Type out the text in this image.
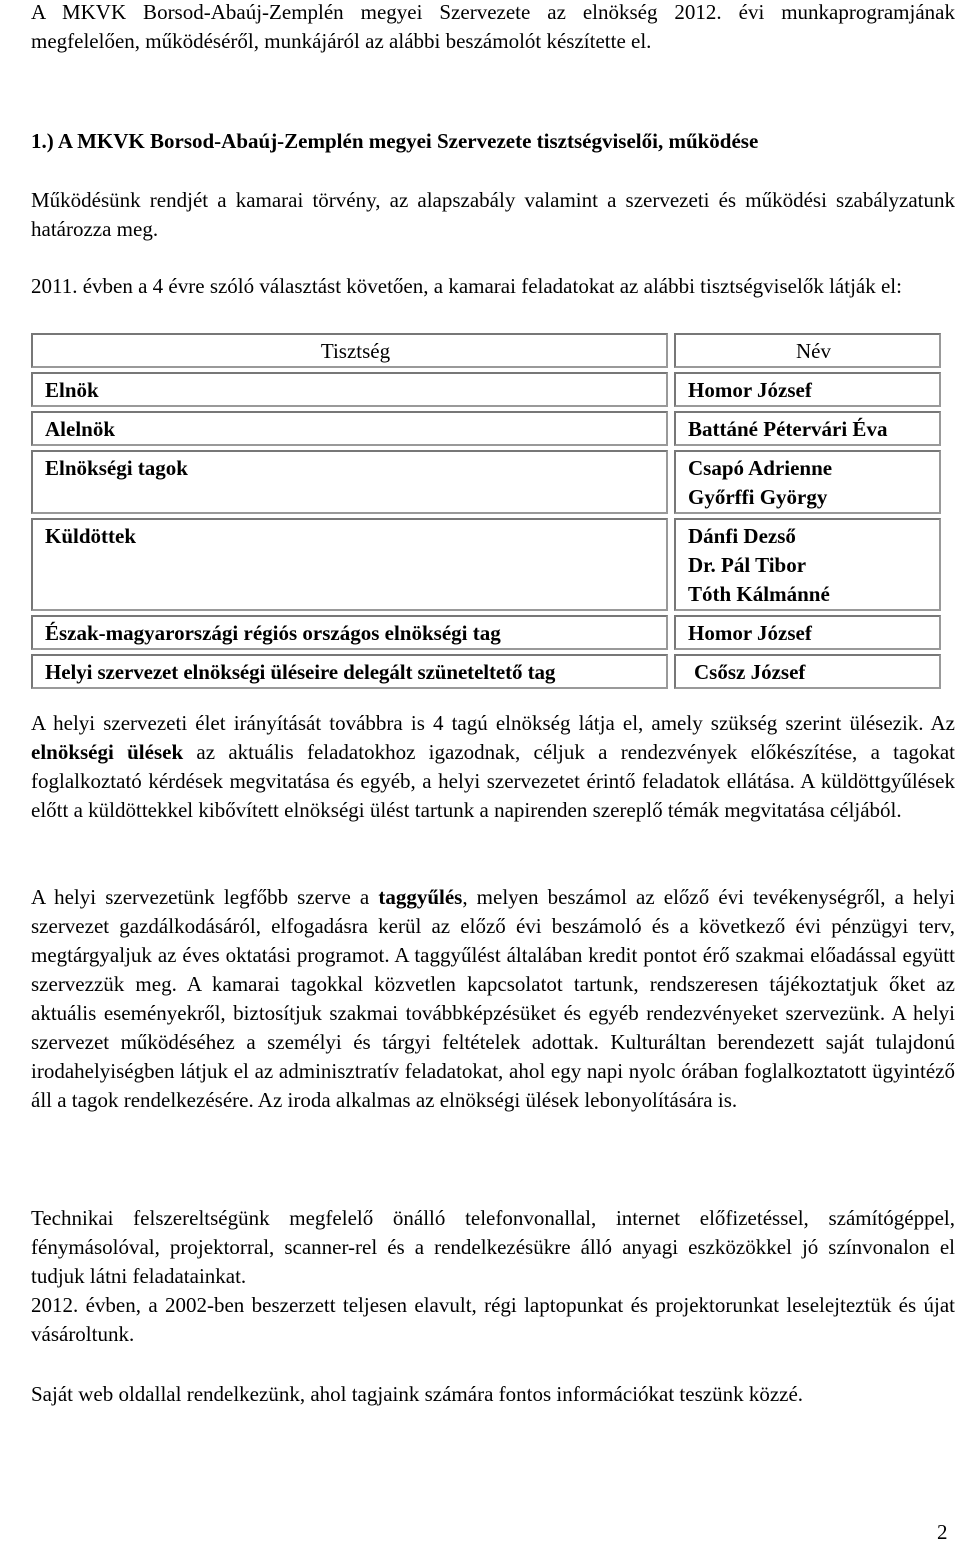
A MKVK Borsod-Abaúj-Zemplén megyei Szervezete az elnökség 2012. évi munkaprogramjának megfelelően, működéséről, munkájáról az alábbi beszámolót készítette el.

1.) A MKVK Borsod-Abaúj-Zemplén megyei Szervezete tisztségviselői, működése

Működésünk rendjét a kamarai törvény, az alapszabály valamint a szervezeti és működési szabályzatunk határozza meg.

2011. évben a 4 évre szóló választást követően, a kamarai feladatokat az alábbi tisztségviselők látják el:

Tisztség		Név

Elnök		Homor József

Alelnök		Battáné Pétervári Éva

Elnökségi tagok		Csapó Adrienne
Győrffi György

Küldöttek		Dánfi Dezső
Dr. Pál Tibor
Tóth Kálmánné

Észak-magyarországi régiós országos elnökségi tag		Homor József

Helyi szervezet elnökségi üléseire delegált szüneteltető tag		Csősz József

A helyi szervezeti élet irányítását továbbra is 4 tagú elnökség látja el, amely szükség szerint ülésezik. Az elnökségi ülések az aktuális feladatokhoz igazodnak, céljuk a rendezvények előkészítése, a tagokat foglalkoztató kérdések megvitatása és egyéb, a helyi szervezetet érintő feladatok ellátása. A küldöttgyűlések előtt a küldöttekkel kibővített elnökségi ülést tartunk a napirenden szereplő témák megvitatása céljából.

A helyi szervezetünk legfőbb szerve a taggyűlés, melyen beszámol az előző évi tevékenységről, a helyi szervezet gazdálkodásáról, elfogadásra kerül az előző évi beszámoló és a következő évi pénzügyi terv, megtárgyaljuk az éves oktatási programot. A taggyűlést általában kredit pontot érő szakmai előadással együtt szervezzük meg. A kamarai tagokkal közvetlen kapcsolatot tartunk, rendszeresen tájékoztatjuk őket az aktuális eseményekről, biztosítjuk szakmai továbbképzésüket és egyéb rendezvényeket szervezünk. A helyi szervezet működéséhez a személyi és tárgyi feltételek adottak. Kulturáltan berendezett saját tulajdonú irodahelyiségben látjuk el az adminisztratív feladatokat, ahol egy napi nyolc órában foglalkoztatott ügyintéző áll a tagok rendelkezésére. Az iroda alkalmas az elnökségi ülések lebonyolítására is.

Technikai felszereltségünk megfelelő önálló telefonvonallal, internet előfizetéssel, számítógéppel, fénymásolóval, projektorral, scanner-rel és a rendelkezésükre álló anyagi eszközökkel jó színvonalon el tudjuk látni feladatainkat.

2012. évben, a 2002-ben beszerzett teljesen elavult, régi laptopunkat és projektorunkat leselejteztük és újat vásároltunk.

Saját web oldallal rendelkezünk, ahol tagjaink számára fontos információkat teszünk közzé.

2
